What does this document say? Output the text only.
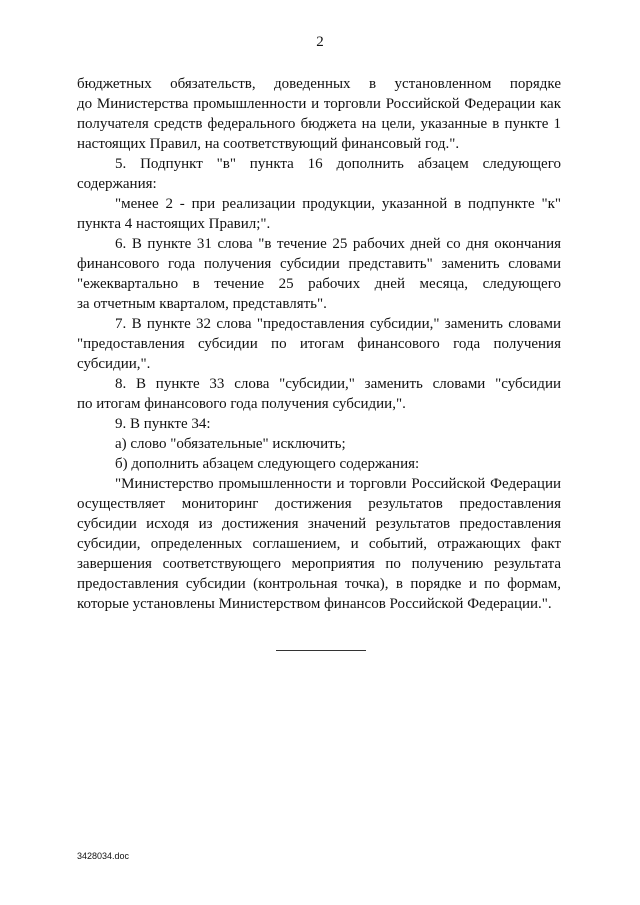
2
бюджетных обязательств, доведенных в установленном порядке
до Министерства промышленности и торговли Российской Федерации как
получателя средств федерального бюджета на цели, указанные в пункте 1
настоящих Правил, на соответствующий финансовый год.".
5. Подпункт "в" пункта 16 дополнить абзацем следующего
содержания:
"менее 2 - при реализации продукции, указанной в подпункте "к"
пункта 4 настоящих Правил;".
6. В пункте 31 слова "в течение 25 рабочих дней со дня окончания
финансового года получения субсидии представить" заменить словами
"ежеквартально в течение 25 рабочих дней месяца, следующего
за отчетным кварталом, представлять".
7. В пункте 32 слова "предоставления субсидии," заменить словами
"предоставления субсидии по итогам финансового года получения
субсидии,".
8. В пункте 33 слова "субсидии," заменить словами "субсидии
по итогам финансового года получения субсидии,".
9. В пункте 34:
а) слово "обязательные" исключить;
б) дополнить абзацем следующего содержания:
"Министерство промышленности и торговли Российской Федерации
осуществляет мониторинг достижения результатов предоставления
субсидии исходя из достижения значений результатов предоставления
субсидии, определенных соглашением, и событий, отражающих факт
завершения соответствующего мероприятия по получению результата
предоставления субсидии (контрольная точка), в порядке и по формам,
которые установлены Министерством финансов Российской Федерации.".
3428034.doc
